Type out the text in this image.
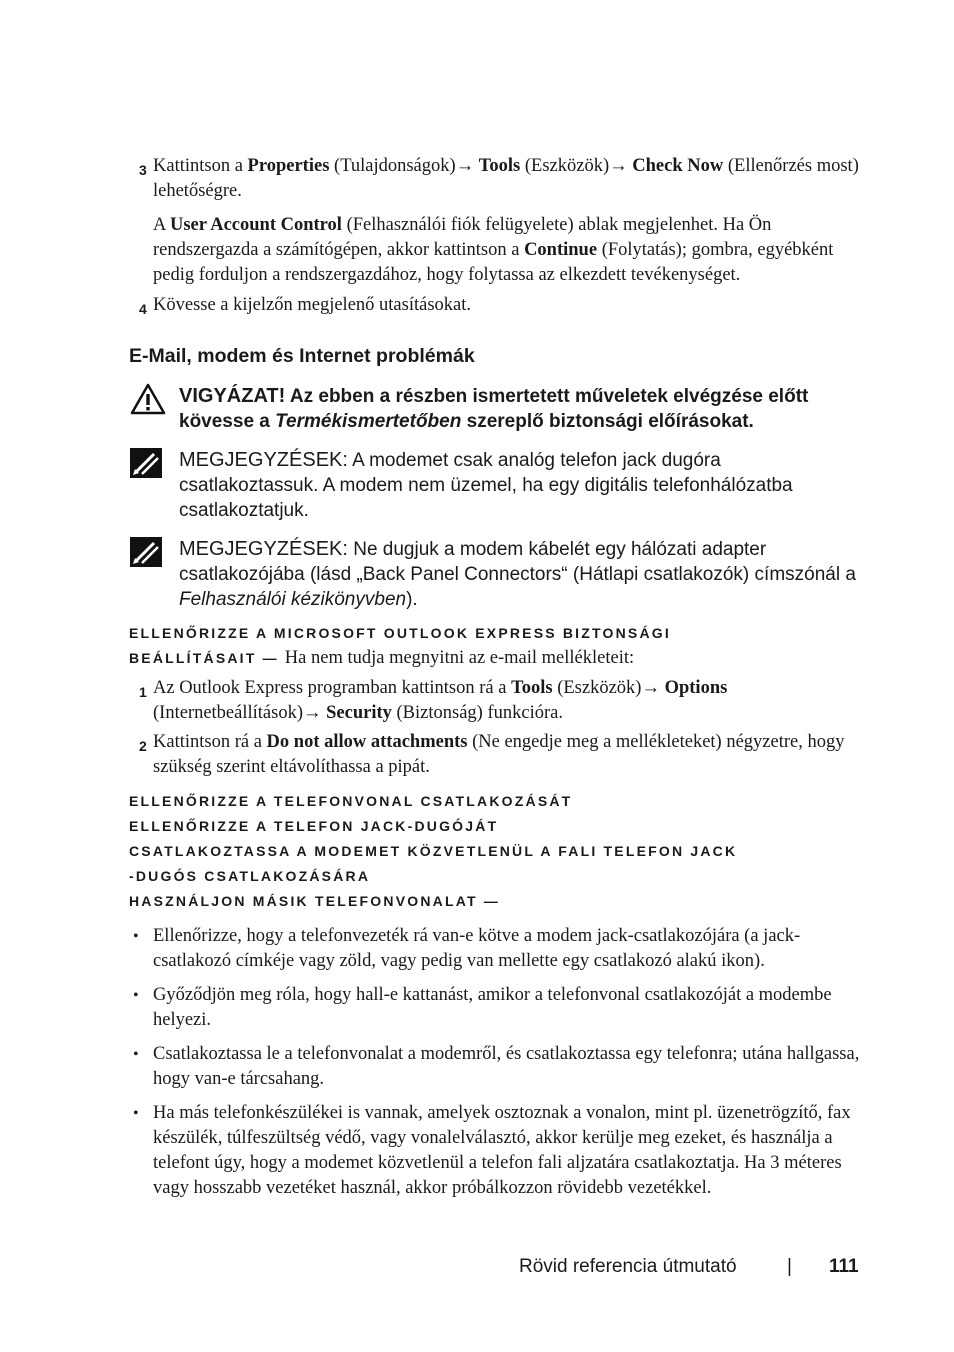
3 Kattintson a Properties (Tulajdonságok)→ Tools (Eszközök)→ Check Now (Ellenőrzés most) lehetőségre.
A User Account Control (Felhasználói fiók felügyelete) ablak megjelenhet. Ha Ön rendszergazda a számítógépen, akkor kattintson a Continue (Folytatás); gombra, egyébként pedig forduljon a rendszergazdához, hogy folytassa az elkezdett tevékenységet.
4 Kövesse a kijelzőn megjelenő utasításokat.
E-Mail, modem és Internet problémák
VIGYÁZAT! Az ebben a részben ismertetett műveletek elvégzése előtt kövesse a Termékismertetőben szereplő biztonsági előírásokat.
MEGJEGYZÉSEK: A modemet csak analóg telefon jack dugóra csatlakoztassuk. A modem nem üzemel, ha egy digitális telefonhálózatba csatlakoztatjuk.
MEGJEGYZÉSEK: Ne dugjuk a modem kábelét egy hálózati adapter csatlakozójába (lásd „Back Panel Connectors“ (Hátlapi csatlakozók) címszónál a Felhasználói kézikönyvben).
ELLENŐRIZZE A MICROSOFT OUTLOOK EXPRESS BIZTONSÁGI
BEÁLLÍTÁSAIT — Ha nem tudja megnyitni az e-mail mellékleteit:
1 Az Outlook Express programban kattintson rá a Tools (Eszközök)→ Options (Internetbeállítások)→ Security (Biztonság) funkcióra.
2 Kattintson rá a Do not allow attachments (Ne engedje meg a mellékleteket) négyzetre, hogy szükség szerint eltávolíthassa a pipát.
ELLENŐRIZZE A TELEFONVONAL CSATLAKOZÁSÁT
ELLENŐRIZZE A TELEFON JACK-DUGÓJÁT
CSATLAKOZTASSA A MODEMET KÖZVETLENÜL A FALI TELEFON JACK
-DUGÓS CSATLAKOZÁSÁRA
HASZNÁLJON MÁSIK TELEFONVONALAT —
• Ellenőrizze, hogy a telefonvezeték rá van-e kötve a modem jack-csatlakozójára (a jack-csatlakozó címkéje vagy zöld, vagy pedig van mellette egy csatlakozó alakú ikon).
• Győződjön meg róla, hogy hall-e kattanást, amikor a telefonvonal csatlakozóját a modembe helyezi.
• Csatlakoztassa le a telefonvonalat a modemről, és csatlakoztassa egy telefonra; utána hallgassa, hogy van-e tárcsahang.
• Ha más telefonkészülékei is vannak, amelyek osztoznak a vonalon, mint pl. üzenetrögzítő, fax készülék, túlfeszültség védő, vagy vonalelválasztó, akkor kerülje meg ezeket, és használja a telefont úgy, hogy a modemet közvetlenül a telefon fali aljzatára csatlakoztatja. Ha 3 méteres vagy hosszabb vezetéket használ, akkor próbálkozzon rövidebb vezetékkel.
Rövid referencia útmutató	| 111
